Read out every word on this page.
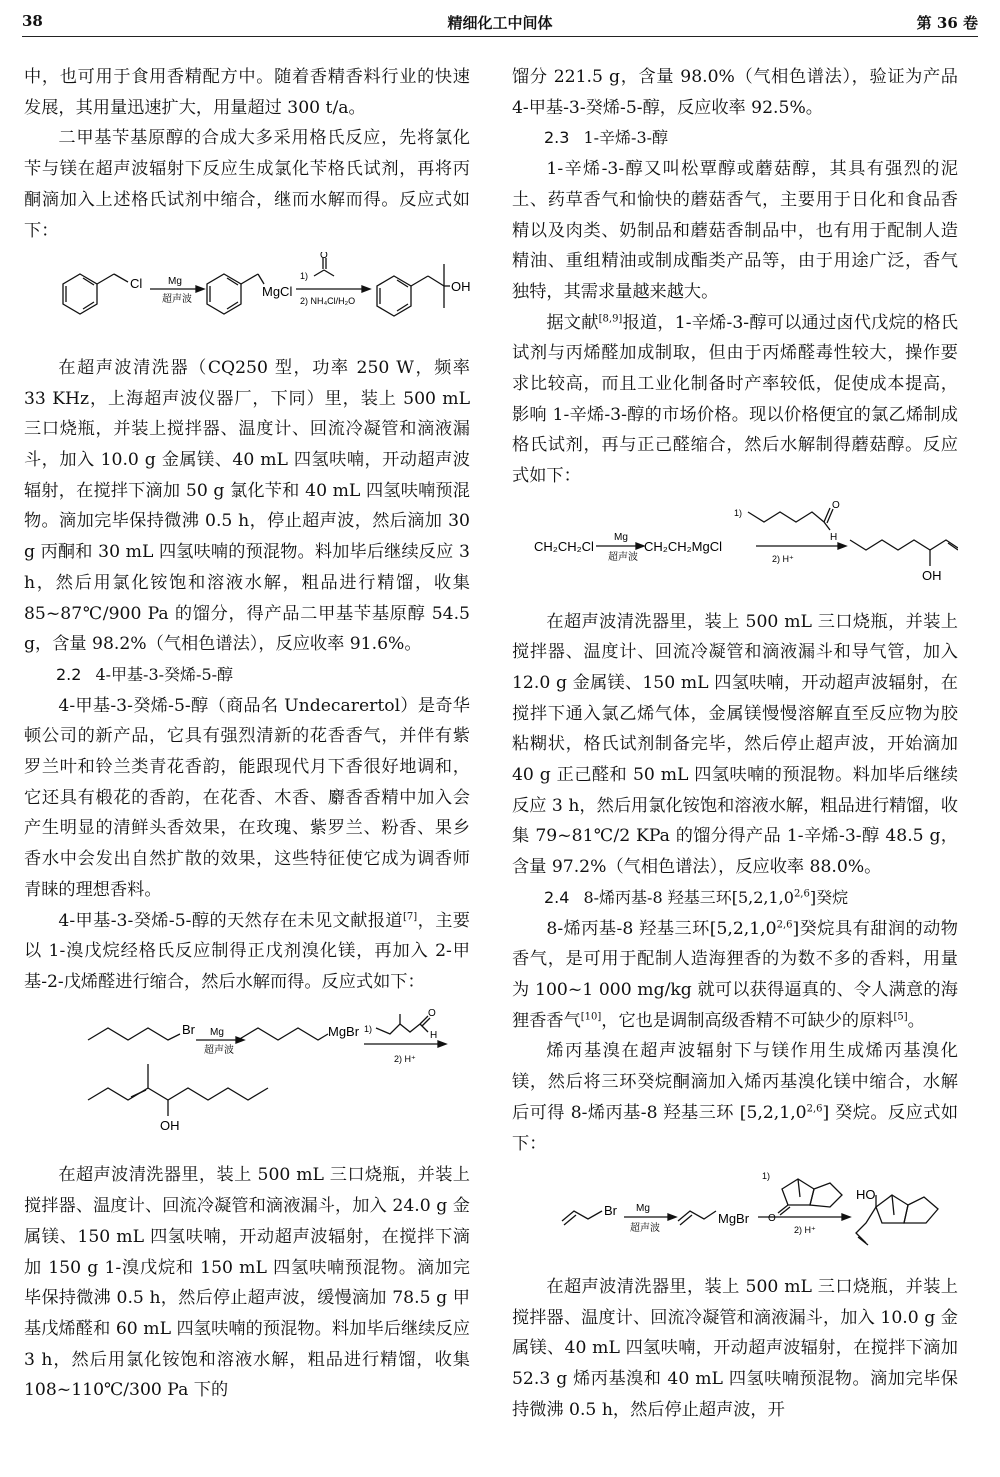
38	精细化工中间体	第 36 卷

中，也可用于食用香精配方中。随着香精香料行业的快速发展，其用量迅速扩大，用量超过 300 t/a。

二甲基苄基原醇的合成大多采用格氏反应，先将氯化苄与镁在超声波辐射下反应生成氯化苄格氏试剂，再将丙酮滴加入上述格氏试剂中缩合，继而水解而得。反应式如下：

Cl	Mg
超声波
MgCl
1)
O
2) NH₄Cl/H₂O
OH

在超声波清洗器（CQ250 型，功率 250 W，频率 33 KHz，上海超声波仪器厂，下同）里，装上 500 mL 三口烧瓶，并装上搅拌器、温度计、回流冷凝管和滴液漏斗，加入 10.0 g 金属镁、40 mL 四氢呋喃，开动超声波辐射，在搅拌下滴加 50 g 氯化苄和 40 mL 四氢呋喃预混物。滴加完毕保持微沸 0.5 h，停止超声波，然后滴加 30 g 丙酮和 30 mL 四氢呋喃的预混物。料加毕后继续反应 3 h，然后用氯化铵饱和溶液水解，粗品进行精馏，收集 85~87℃/900 Pa 的馏分，得产品二甲基苄基原醇 54.5 g，含量 98.2%（气相色谱法），反应收率 91.6%。

2.2 4-甲基-3-癸烯-5-醇

4-甲基-3-癸烯-5-醇（商品名 Undecarertol）是奇华顿公司的新产品，它具有强烈清新的花香香气，并伴有紫罗兰叶和铃兰类青花香韵，能跟现代月下香很好地调和，它还具有椴花的香韵，在花香、木香、麝香香精中加入会产生明显的清鲜头香效果，在玫瑰、紫罗兰、粉香、果乡香水中会发出自然扩散的效果，这些特征使它成为调香师青睐的理想香料。

4-甲基-3-癸烯-5-醇的天然存在未见文献报道[7]，主要以 1-溴戊烷经格氏反应制得正戊剂溴化镁，再加入 2-甲基-2-戊烯醛进行缩合，然后水解而得。反应式如下：

Br Mg
超声波
MgBr 1)
O
H
2) H⁺
OH

在超声波清洗器里，装上 500 mL 三口烧瓶，并装上搅拌器、温度计、回流冷凝管和滴液漏斗，加入 24.0 g 金属镁、150 mL 四氢呋喃，开动超声波辐射，在搅拌下滴加 150 g 1-溴戊烷和 150 mL 四氢呋喃预混物。滴加完毕保持微沸 0.5 h，然后停止超声波，缓慢滴加 78.5 g 甲基戊烯醛和 60 mL 四氢呋喃的预混物。料加毕后继续反应 3 h，然后用氯化铵饱和溶液水解，粗品进行精馏，收集 108~110℃/300 Pa 下的

馏分 221.5 g，含量 98.0%（气相色谱法），验证为产品 4-甲基-3-癸烯-5-醇，反应收率 92.5%。

2.3 1-辛烯-3-醇

1-辛烯-3-醇又叫松覃醇或蘑菇醇，其具有强烈的泥土、药草香气和愉快的蘑菇香气，主要用于日化和食品香精以及肉类、奶制品和蘑菇香制品中，也有用于配制人造精油、重组精油或制成酯类产品等，由于用途广泛，香气独特，其需求量越来越大。

据文献[8,9]报道，1-辛烯-3-醇可以通过卤代戊烷的格氏试剂与丙烯醛加成制取，但由于丙烯醛毒性较大，操作要求比较高，而且工业化制备时产率较低，促使成本提高，影响 1-辛烯-3-醇的市场价格。现以价格便宜的氯乙烯制成格氏试剂，再与正己醛缩合，然后水解制得蘑菇醇。反应式如下：

CH₂CH₂Cl
Mg
超声波
CH₂CH₂MgCl
1)
O
H
2) H⁺
OH

在超声波清洗器里，装上 500 mL 三口烧瓶，并装上搅拌器、温度计、回流冷凝管和滴液漏斗和导气管，加入 12.0 g 金属镁、150 mL 四氢呋喃，开动超声波辐射，在搅拌下通入氯乙烯气体，金属镁慢慢溶解直至反应物为胶粘糊状，格氏试剂制备完毕，然后停止超声波，开始滴加 40 g 正己醛和 50 mL 四氢呋喃的预混物。料加毕后继续反应 3 h，然后用氯化铵饱和溶液水解，粗品进行精馏，收集 79~81℃/2 KPa 的馏分得产品 1-辛烯-3-醇 48.5 g，含量 97.2%（气相色谱法），反应收率 88.0%。

2.4 8-烯丙基-8 羟基三环[5,2,1,0$^{2,6}$]癸烷

8-烯丙基-8 羟基三环[5,2,1,0$^{2,6}$]癸烷具有甜润的动物香气，是可用于配制人造海狸香的为数不多的香料，用量为 100~1 000 mg/kg 就可以获得逼真的、令人满意的海狸香香气[10]，它也是调制高级香精不可缺少的原料[5]。

烯丙基溴在超声波辐射下与镁作用生成烯丙基溴化镁，然后将三环癸烷酮滴加入烯丙基溴化镁中缩合，水解后可得 8-烯丙基-8 羟基三环 [5,2,1,0$^{2,6}$] 癸烷。反应式如下：

Br Mg
超声波
MgBr
1)
O
2) H⁺
HO

在超声波清洗器里，装上 500 mL 三口烧瓶，并装上搅拌器、温度计、回流冷凝管和滴液漏斗，加入 10.0 g 金属镁、40 mL 四氢呋喃，开动超声波辐射，在搅拌下滴加 52.3 g 烯丙基溴和 40 mL 四氢呋喃预混物。滴加完毕保持微沸 0.5 h，然后停止超声波，开
